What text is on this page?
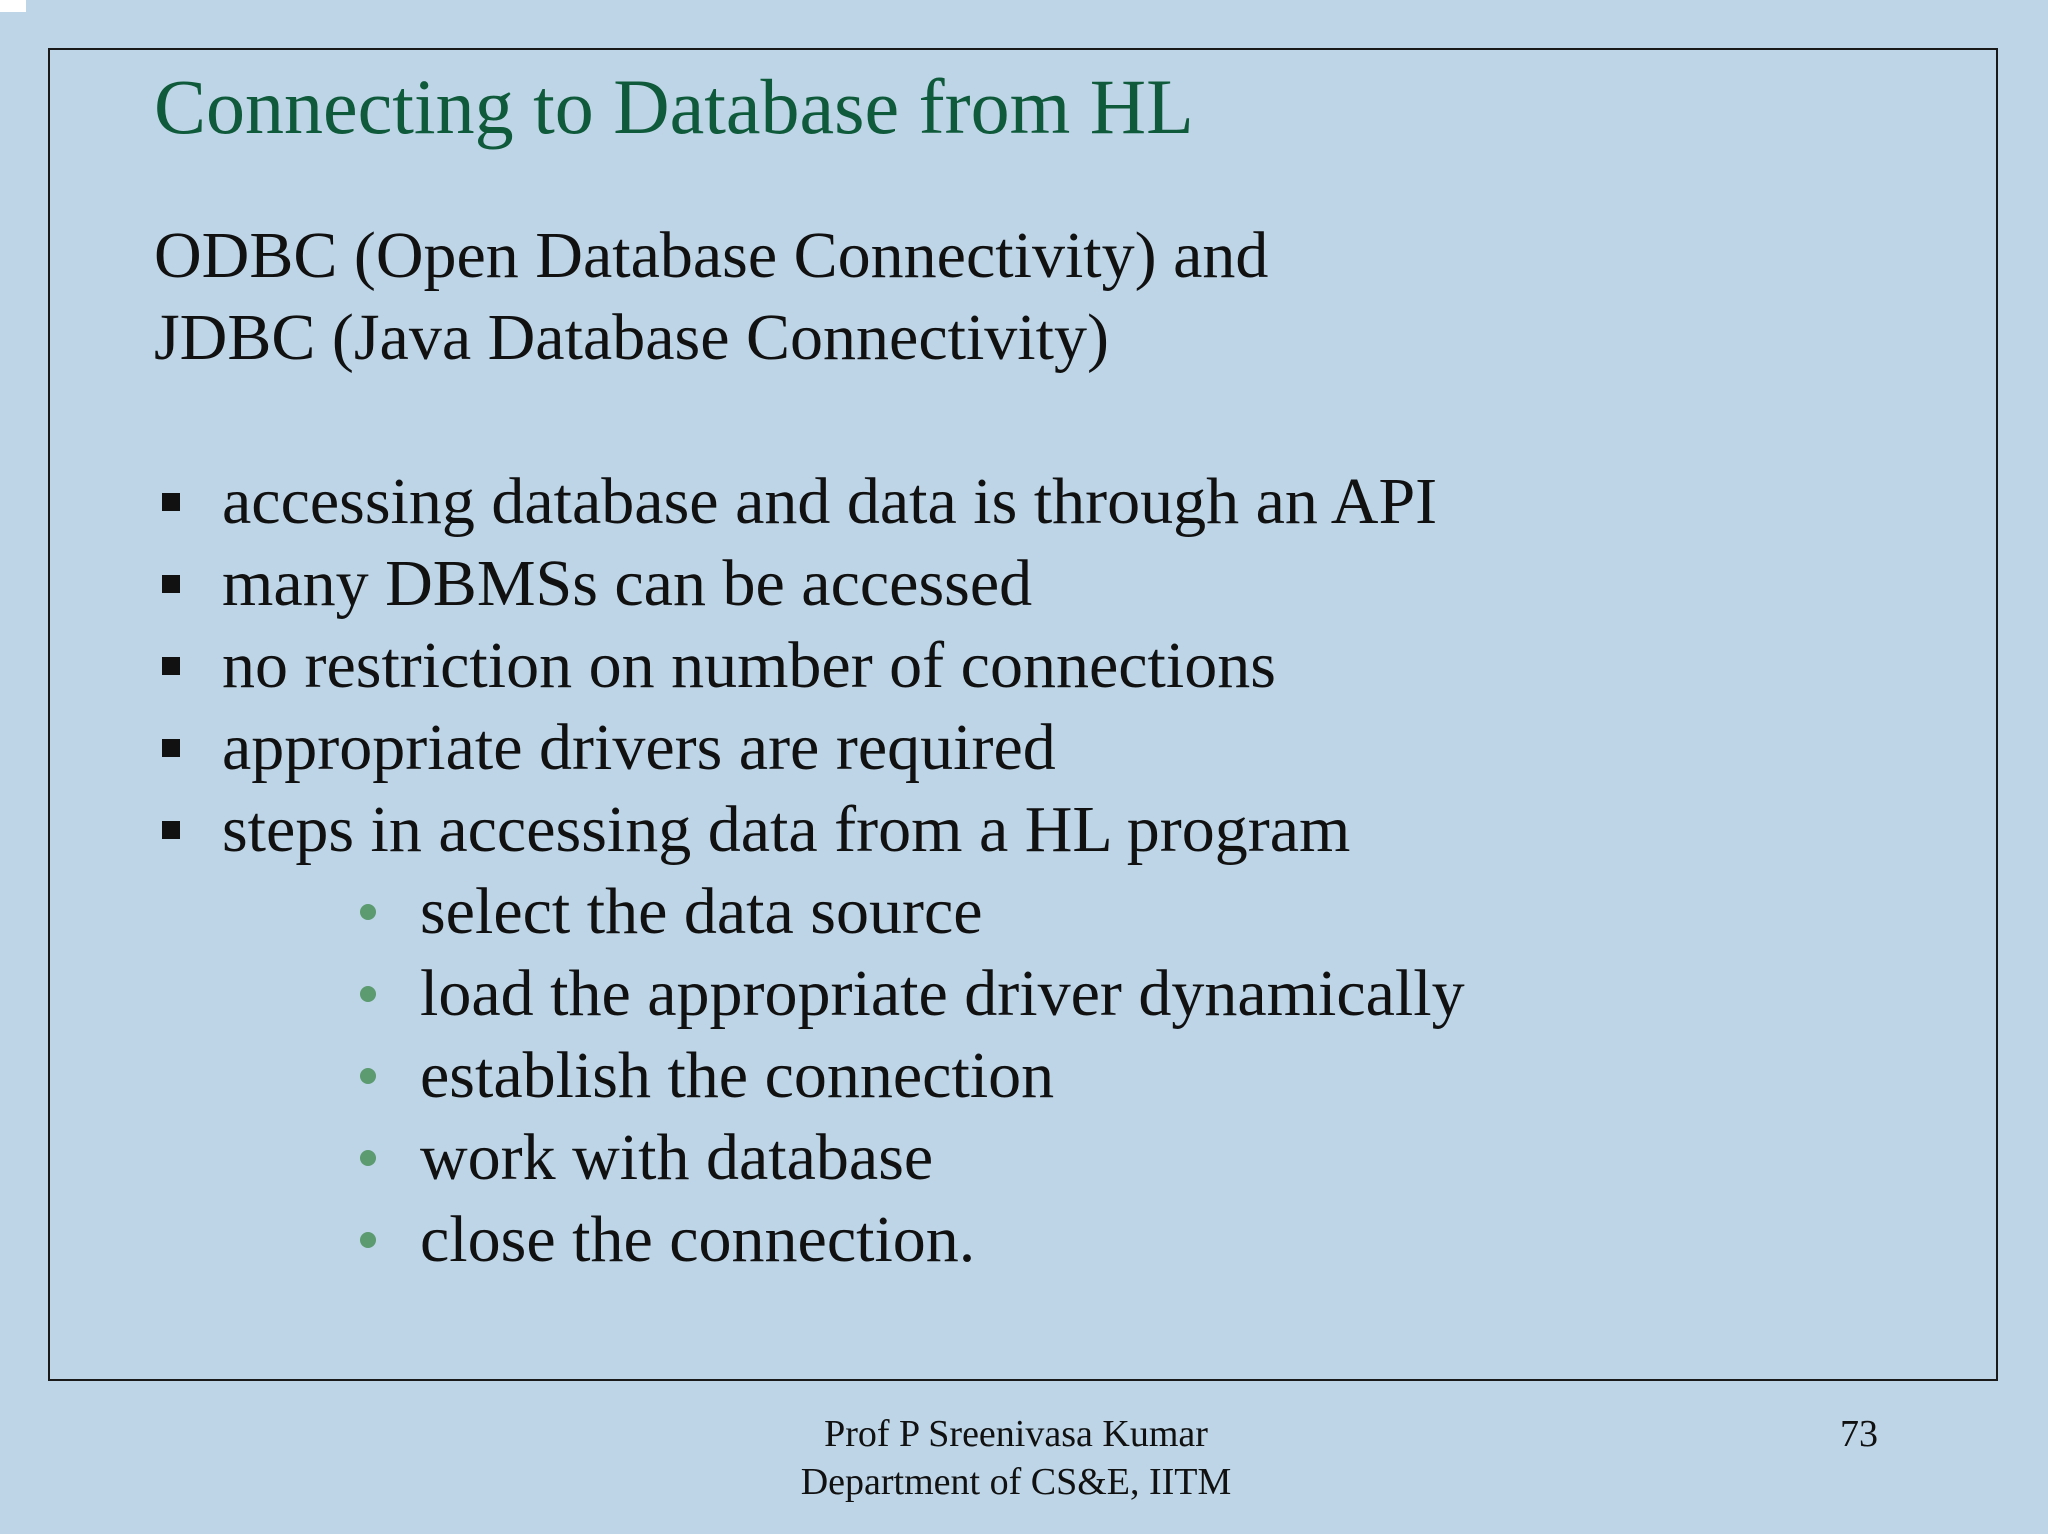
Connecting to Database from HL

ODBC (Open Database Connectivity) and

JDBC (Java Database Connectivity)

accessing database and data is through an API
many DBMSs can be accessed
no restriction on number of connections
appropriate drivers are required
steps in accessing data from a HL program
select the data source
load the appropriate driver dynamically
establish the connection
work with database
close the connection.
Prof P Sreenivasa Kumar
Department of CS&E, IITM
73
